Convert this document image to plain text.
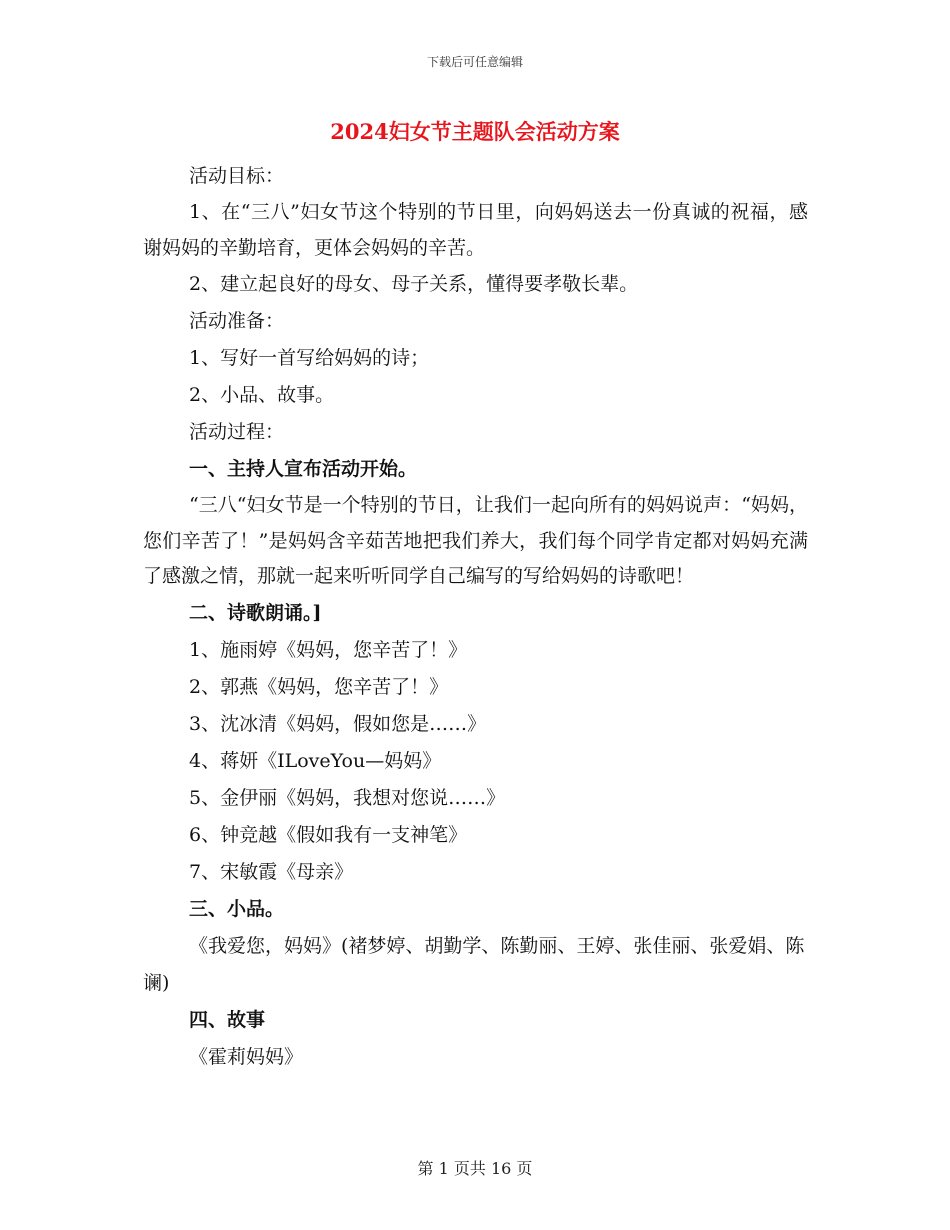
下载后可任意编辑
2024妇女节主题队会活动方案

活动目标：

1、在“三八”妇女节这个特别的节日里，向妈妈送去一份真诚的祝福，感谢妈妈的辛勤培育，更体会妈妈的辛苦。

2、建立起良好的母女、母子关系，懂得要孝敬长辈。

活动准备：

1、写好一首写给妈妈的诗；

2、小品、故事。

活动过程：

一、主持人宣布活动开始。

“三八“妇女节是一个特别的节日，让我们一起向所有的妈妈说声：“妈妈，您们辛苦了！”是妈妈含辛茹苦地把我们养大，我们每个同学肯定都对妈妈充满了感激之情，那就一起来听听同学自己编写的写给妈妈的诗歌吧！

二、诗歌朗诵。]

1、施雨婷《妈妈，您辛苦了！》

2、郭燕《妈妈，您辛苦了！》

3、沈冰清《妈妈，假如您是……》

4、蒋妍《ILoveYou—妈妈》

5、金伊丽《妈妈，我想对您说……》

6、钟竞越《假如我有一支神笔》

7、宋敏霞《母亲》

三、小品。

《我爱您，妈妈》(褚梦婷、胡勤学、陈勤丽、王婷、张佳丽、张爱娟、陈谰)

四、故事

《霍莉妈妈》

第 1 页共 16 页
